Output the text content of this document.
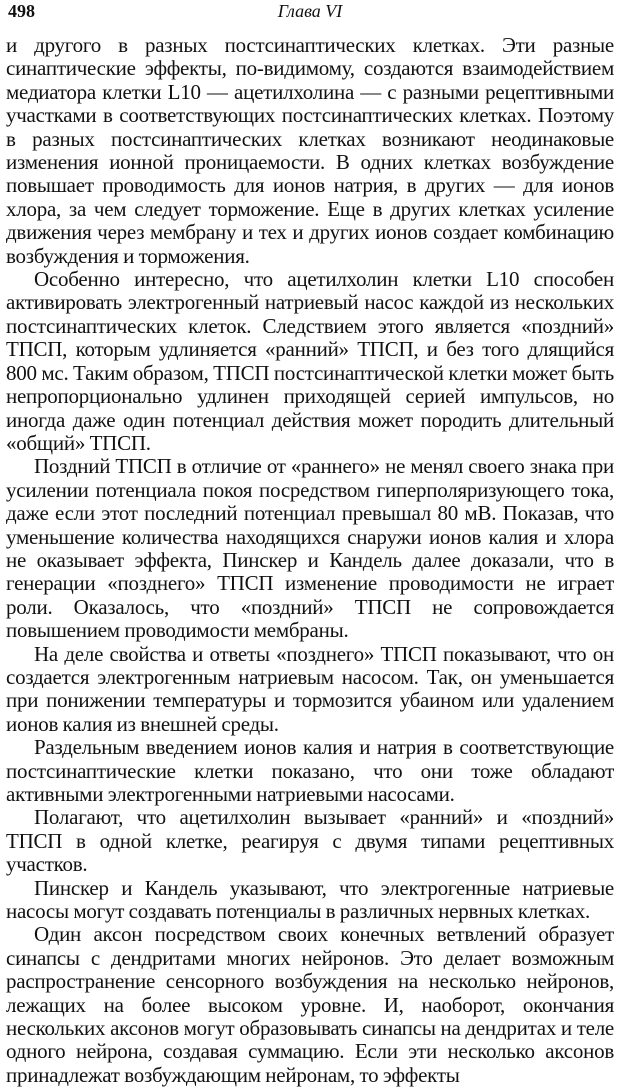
498	Глава VI

и другого в разных постсинаптических клетках. Эти разные синаптические эффекты, по-видимому, создаются взаимодействием медиатора клетки L10 — ацетилхолина — с разными рецептивными участками в соответствующих постсинаптических клетках. Поэтому в разных постсинаптических клетках возникают неодинаковые изменения ионной проницаемости. В одних клетках возбуждение повышает проводимость для ионов натрия, в других — для ионов хлора, за чем следует торможение. Еще в других клетках усиление движения через мембрану и тех и других ионов создает комбинацию возбуждения и торможения.

Особенно интересно, что ацетилхолин клетки L10 способен активировать электрогенный натриевый насос каждой из нескольких постсинаптических клеток. Следствием этого является «поздний» ТПСП, которым удлиняется «ранний» ТПСП, и без того длящийся 800 мс. Таким образом, ТПСП постсинаптической клетки может быть непропорционально удлинен приходящей серией импульсов, но иногда даже один потенциал действия может породить длительный «общий» ТПСП.

Поздний ТПСП в отличие от «раннего» не менял своего знака при усилении потенциала покоя посредством гиперполяризующего тока, даже если этот последний потенциал превышал 80 мВ. Показав, что уменьшение количества находящихся снаружи ионов калия и хлора не оказывает эффекта, Пинскер и Кандель далее доказали, что в генерации «позднего» ТПСП изменение проводимости не играет роли. Оказалось, что «поздний» ТПСП не сопровождается повышением проводимости мембраны.

На деле свойства и ответы «позднего» ТПСП показывают, что он создается электрогенным натриевым насосом. Так, он уменьшается при понижении температуры и тормозится убаином или удалением ионов калия из внешней среды.

Раздельным введением ионов калия и натрия в соответствующие постсинаптические клетки показано, что они тоже обладают активными электрогенными натриевыми насосами.

Полагают, что ацетилхолин вызывает «ранний» и «поздний» ТПСП в одной клетке, реагируя с двумя типами рецептивных участков.

Пинскер и Кандель указывают, что электрогенные натриевые насосы могут создавать потенциалы в различных нервных клетках.

Один аксон посредством своих конечных ветвлений образует синапсы с дендритами многих нейронов. Это делает возможным распространение сенсорного возбуждения на несколько нейронов, лежащих на более высоком уровне. И, наоборот, окончания нескольких аксонов могут образовывать синапсы на дендритах и теле одного нейрона, создавая суммацию. Если эти несколько аксонов принадлежат возбуждающим нейронам, то эффекты
